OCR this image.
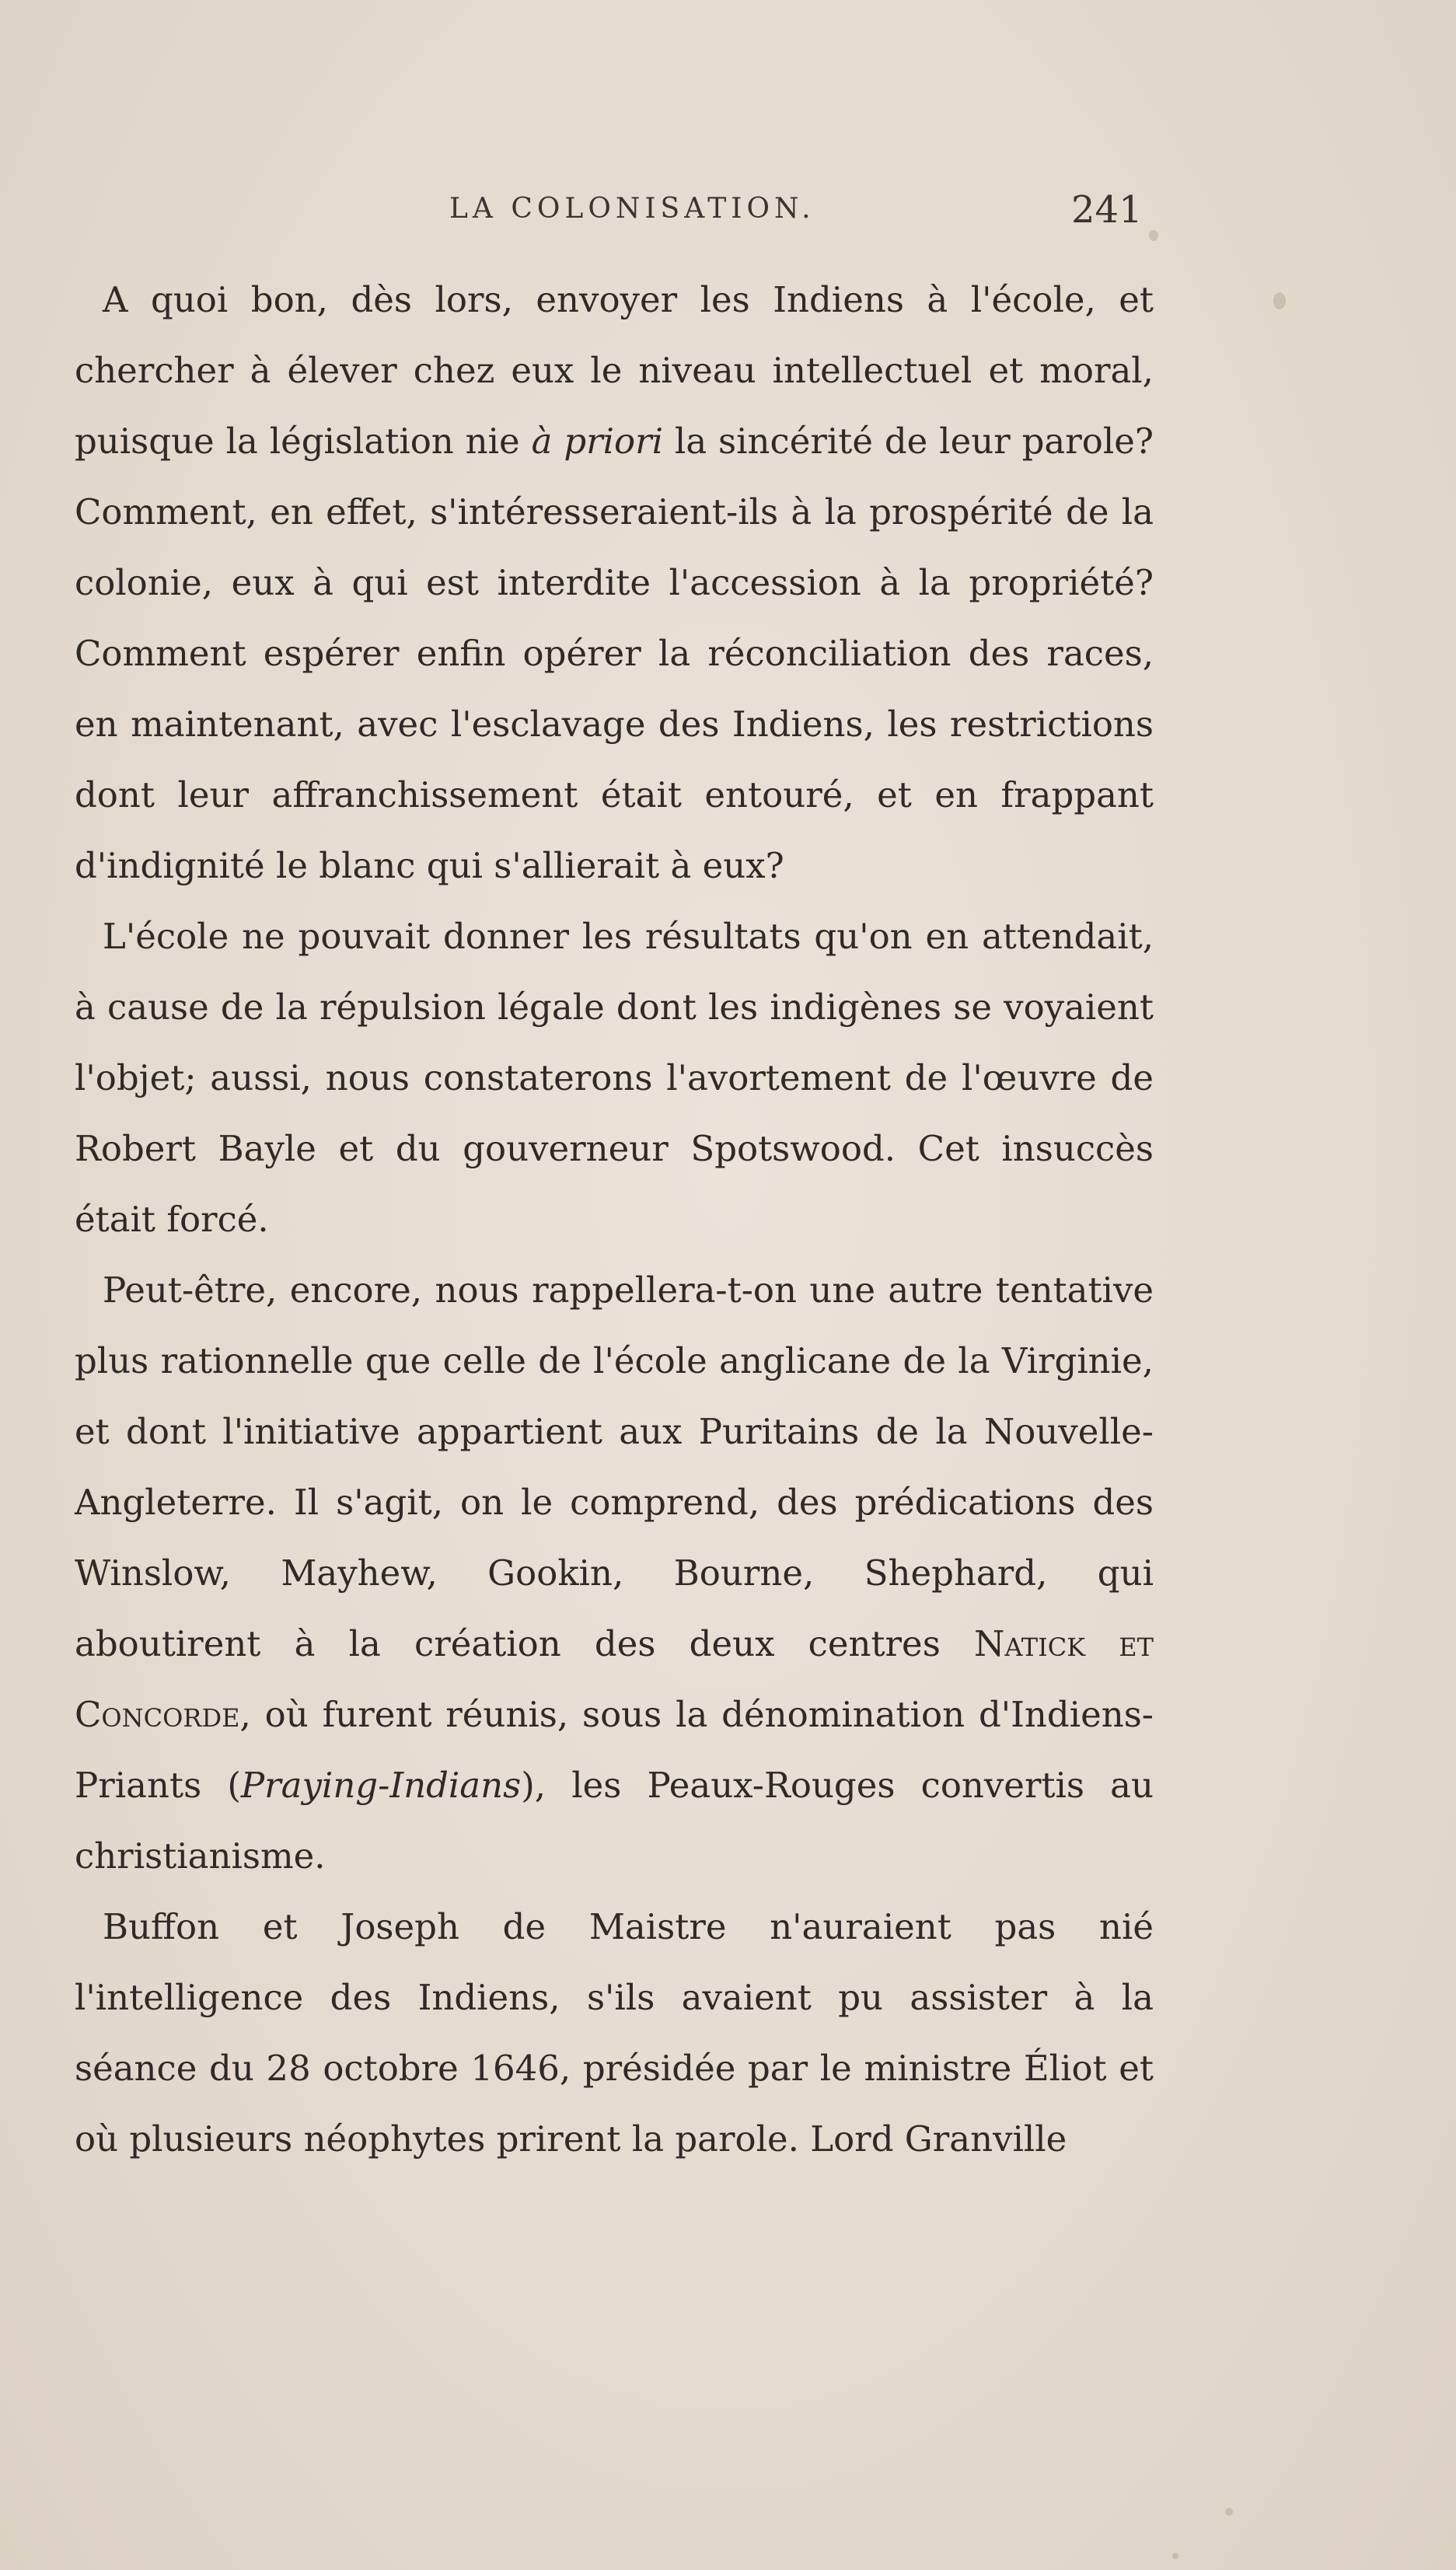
LA COLONISATION.	241

A quoi bon, dès lors, envoyer les Indiens à l'école, et chercher à élever chez eux le niveau intellectuel et moral, puisque la législation nie à priori la sincérité de leur parole? Comment, en effet, s'intéresseraient-ils à la prospérité de la colonie, eux à qui est interdite l'accession à la propriété? Comment espérer enfin opérer la réconciliation des races, en maintenant, avec l'esclavage des Indiens, les restrictions dont leur affranchissement était entouré, et en frappant d'indignité le blanc qui s'allierait à eux?

L'école ne pouvait donner les résultats qu'on en attendait, à cause de la répulsion légale dont les indigènes se voyaient l'objet; aussi, nous constaterons l'avortement de l'œuvre de Robert Bayle et du gouverneur Spotswood. Cet insuccès était forcé.

Peut-être, encore, nous rappellera-t-on une autre tentative plus rationnelle que celle de l'école anglicane de la Virginie, et dont l'initiative appartient aux Puritains de la Nouvelle-Angleterre. Il s'agit, on le comprend, des prédications des Winslow, Mayhew, Gookin, Bourne, Shephard, qui aboutirent à la création des deux centres Natick et Concorde, où furent réunis, sous la dénomination d'Indiens-Priants (Praying-Indians), les Peaux-Rouges convertis au christianisme.

Buffon et Joseph de Maistre n'auraient pas nié l'intelligence des Indiens, s'ils avaient pu assister à la séance du 28 octobre 1646, présidée par le ministre Éliot et où plusieurs néophytes prirent la parole. Lord Granville
